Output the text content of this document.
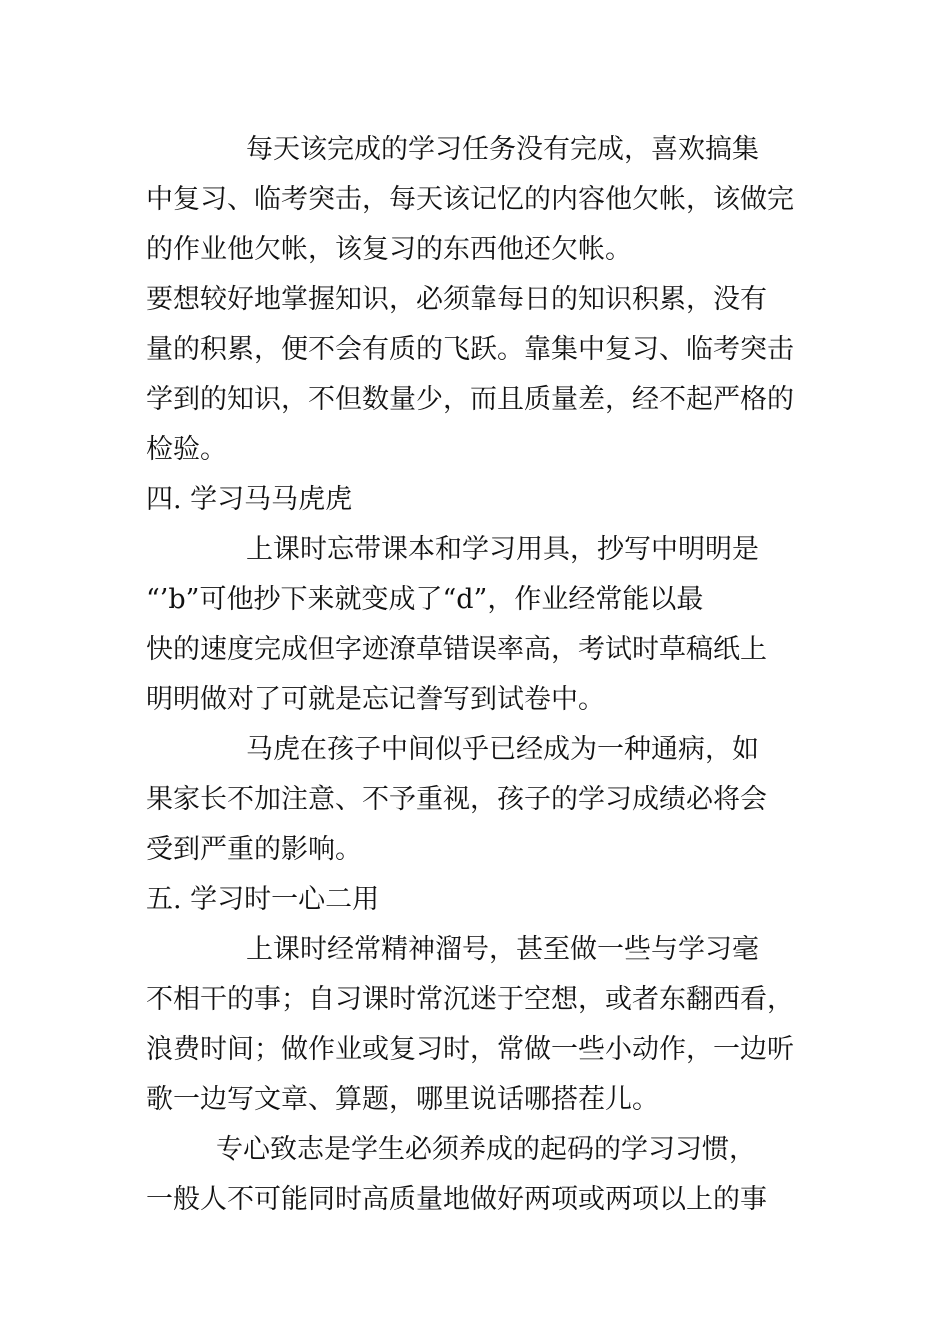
每天该完成的学习任务没有完成，喜欢搞集
中复习、临考突击，每天该记忆的内容他欠帐，该做完
的作业他欠帐，该复习的东西他还欠帐。
要想较好地掌握知识，必须靠每日的知识积累，没有
量的积累，便不会有质的飞跃。靠集中复习、临考突击
学到的知识，不但数量少，而且质量差，经不起严格的
检验。
四. 学习马马虎虎
上课时忘带课本和学习用具，抄写中明明是
“’b”可他抄下来就变成了“d”，作业经常能以最
快的速度完成但字迹潦草错误率高，考试时草稿纸上
明明做对了可就是忘记誊写到试卷中。
马虎在孩子中间似乎已经成为一种通病，如
果家长不加注意、不予重视，孩子的学习成绩必将会
受到严重的影响。
五. 学习时一心二用
上课时经常精神溜号，甚至做一些与学习毫
不相干的事；自习课时常沉迷于空想，或者东翻西看，
浪费时间；做作业或复习时，常做一些小动作，一边听
歌一边写文章、算题，哪里说话哪搭茬儿。
专心致志是学生必须养成的起码的学习习惯，
一般人不可能同时高质量地做好两项或两项以上的事
